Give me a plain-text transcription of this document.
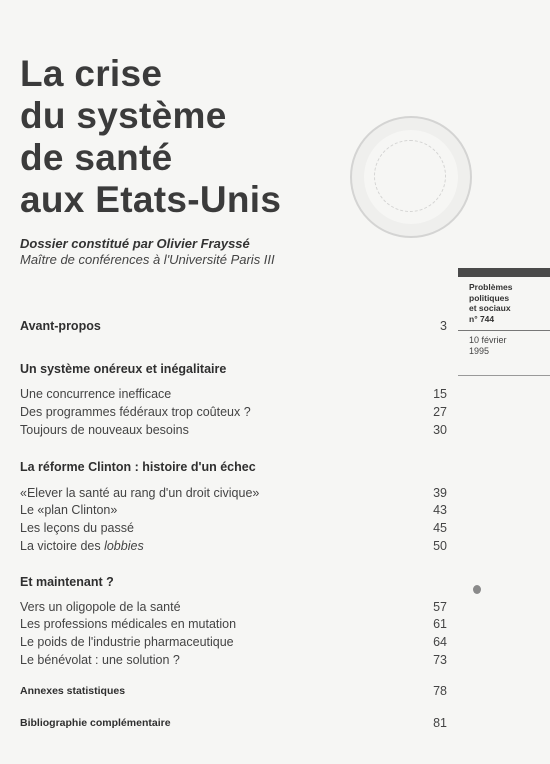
La crise
du système
de santé
aux Etats-Unis
Dossier constitué par Olivier Frayssé
Maître de conférences à l'Université Paris III
Problèmes
politiques
et sociaux
n° 744
10 février
1995
Avant-propos	3
Un système onéreux et inégalitaire
Une concurrence inefficace	15
Des programmes fédéraux trop coûteux ?	27
Toujours de nouveaux besoins	30
La réforme Clinton : histoire d'un échec
«Elever la santé au rang d'un droit civique»	39
Le «plan Clinton»	43
Les leçons du passé	45
La victoire des lobbies	50
Et maintenant ?
Vers un oligopole de la santé	57
Les professions médicales en mutation	61
Le poids de l'industrie pharmaceutique	64
Le bénévolat : une solution ?	73
Annexes statistiques	78
Bibliographie complémentaire	81
